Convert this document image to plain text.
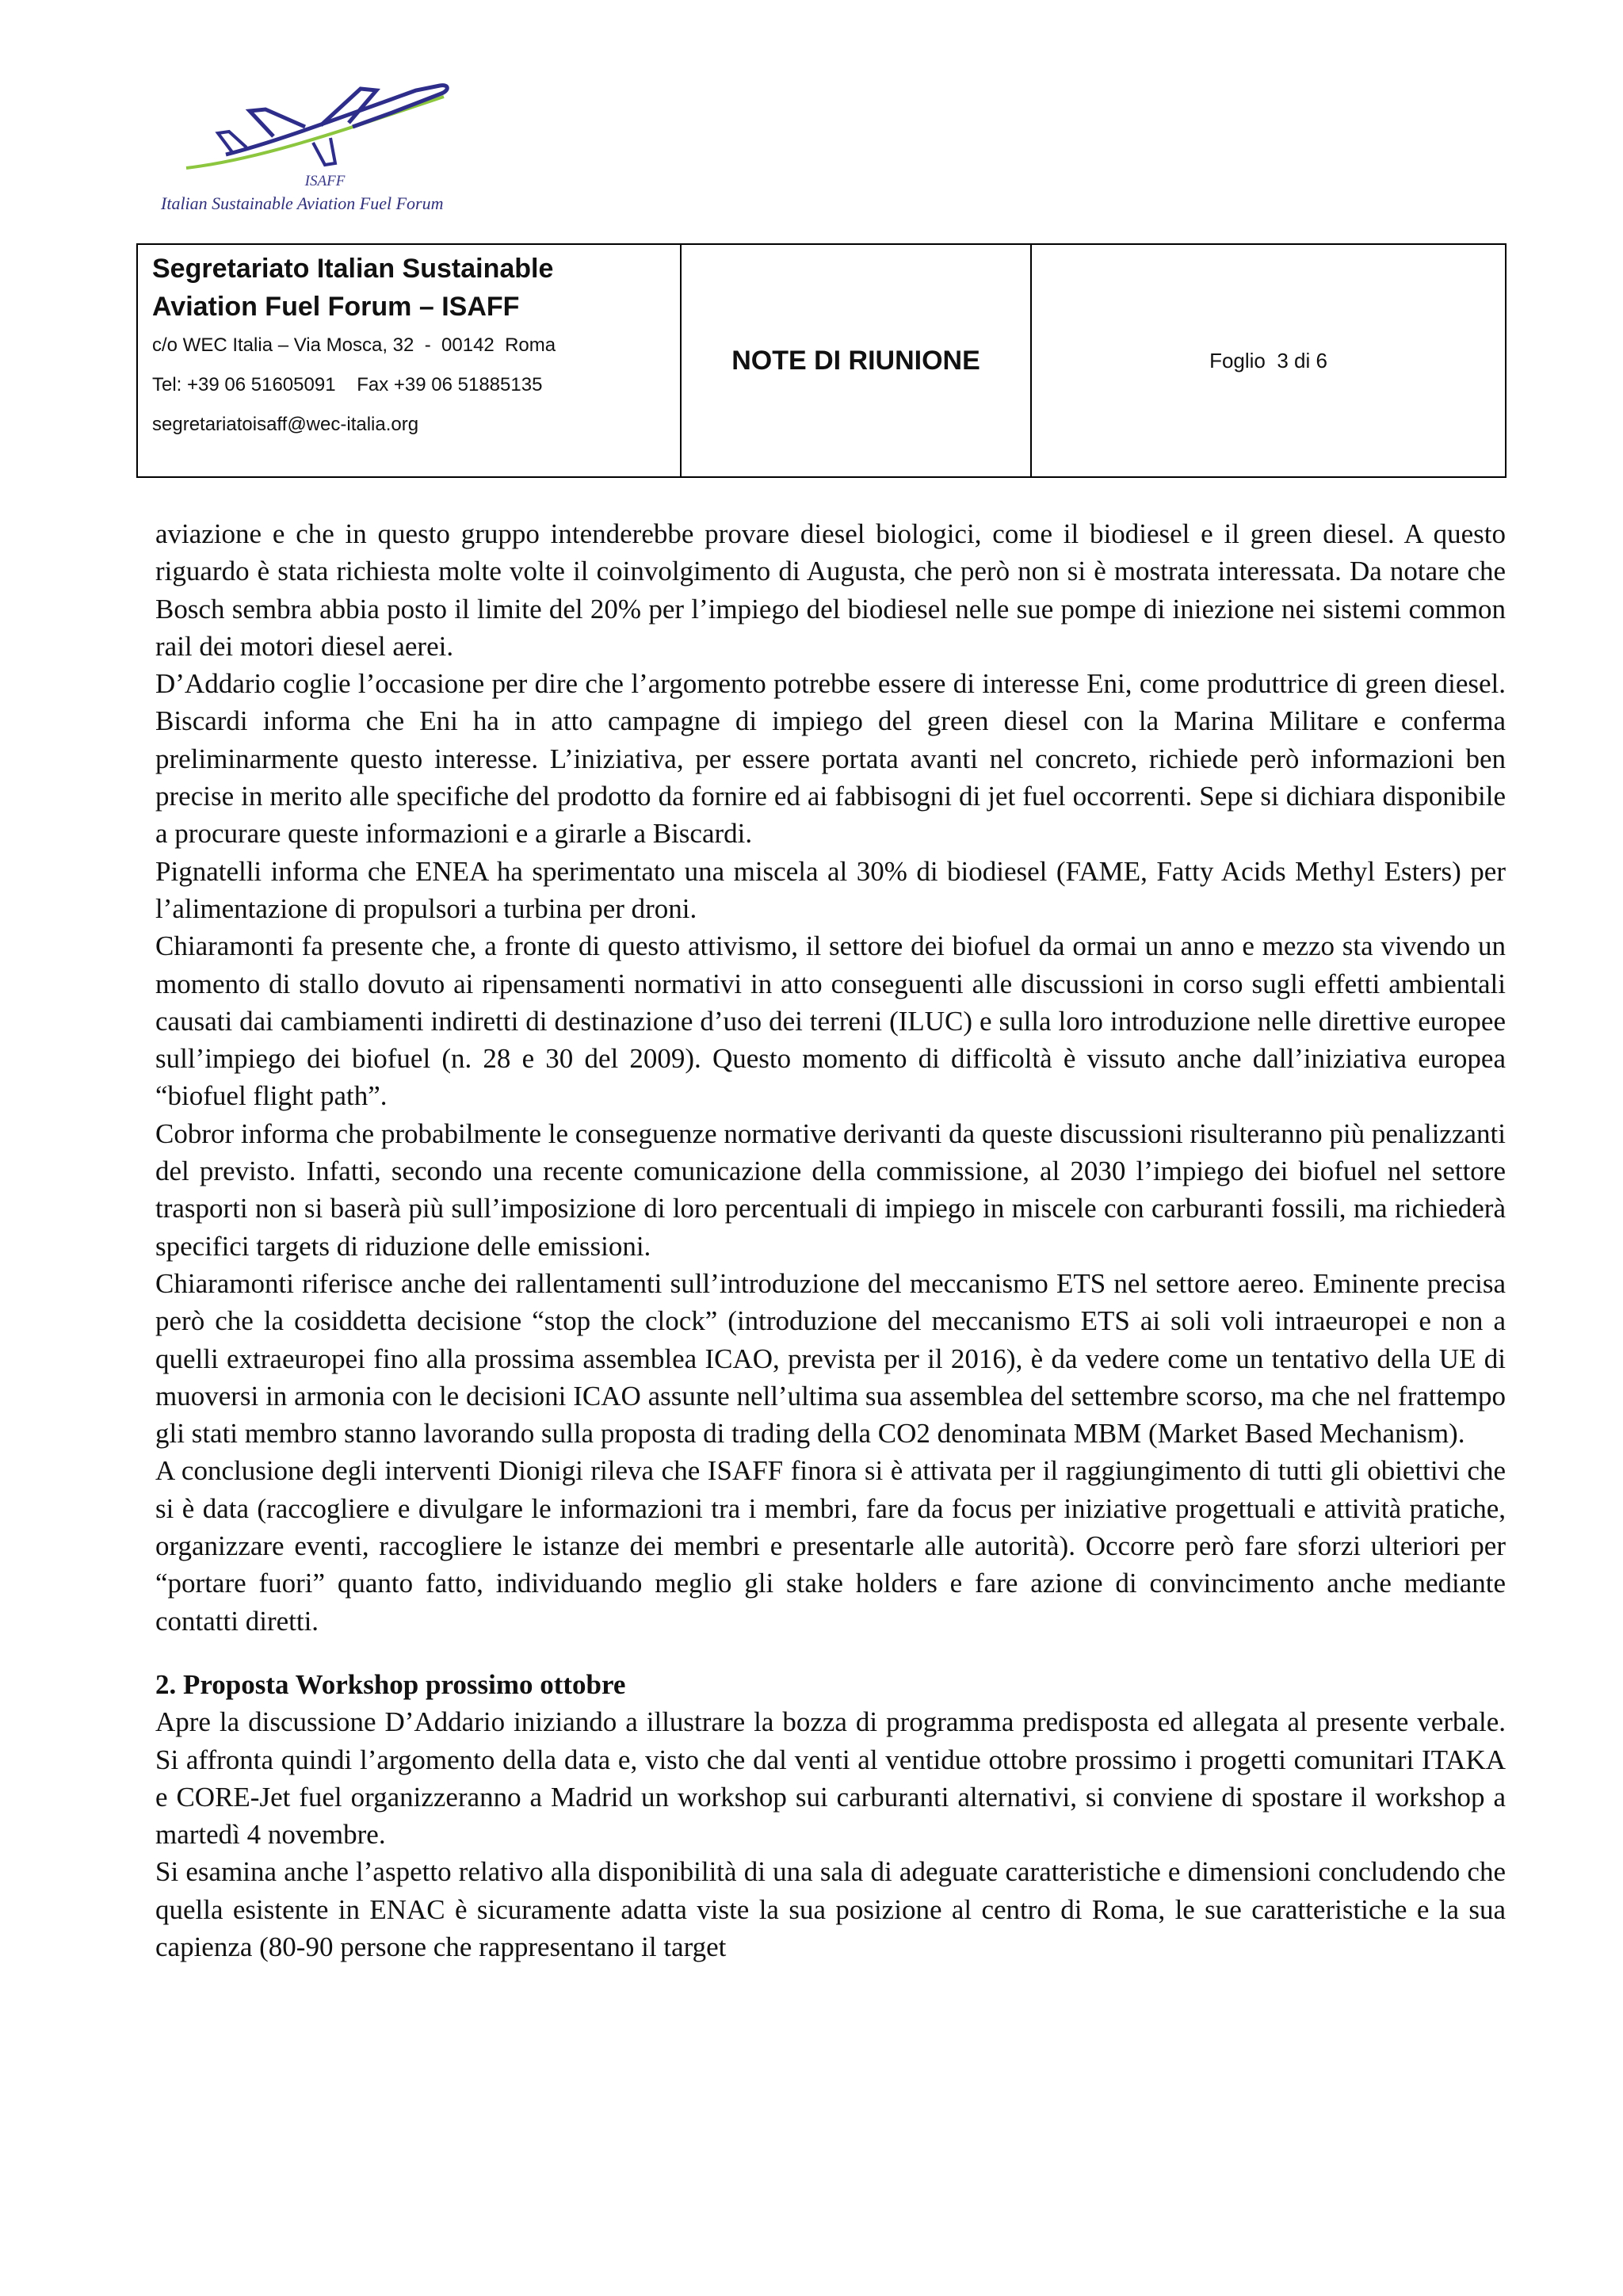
ISAFF
Italian Sustainable Aviation Fuel Forum
Segretariato Italian Sustainable
Aviation Fuel Forum – ISAFF
c/o WEC Italia – Via Mosca, 32  -  00142  Roma
Tel: +39 06 51605091    Fax +39 06 51885135
segretariatoisaff@wec-italia.org
NOTE DI RIUNIONE	Foglio  3 di 6

aviazione e che in questo gruppo intenderebbe provare diesel biologici, come il biodiesel e il green diesel. A questo riguardo è stata richiesta molte volte il coinvolgimento di Augusta, che però non si è mostrata interessata. Da notare che Bosch sembra abbia posto il limite del 20% per l’impiego del biodiesel nelle sue pompe di iniezione nei sistemi common rail dei motori diesel aerei.

D’Addario coglie l’occasione per dire che l’argomento potrebbe essere di interesse Eni, come produttrice di green diesel. Biscardi informa che Eni ha in atto campagne di impiego del green diesel con la Marina Militare e conferma preliminarmente questo interesse. L’iniziativa, per essere portata avanti nel concreto, richiede però informazioni ben precise in merito alle specifiche del prodotto da fornire ed ai fabbisogni di jet fuel occorrenti. Sepe si dichiara disponibile a procurare queste informazioni e a girarle a Biscardi.

Pignatelli informa che ENEA ha sperimentato una miscela al 30% di biodiesel (FAME, Fatty Acids Methyl Esters) per l’alimentazione di propulsori a turbina per droni.

Chiaramonti fa presente che, a fronte di questo attivismo, il settore dei biofuel da ormai un anno e mezzo sta vivendo un momento di stallo dovuto ai ripensamenti normativi in atto conseguenti alle discussioni in corso sugli effetti ambientali causati dai cambiamenti indiretti di destinazione d’uso dei terreni (ILUC) e sulla loro introduzione nelle direttive europee sull’impiego dei biofuel (n. 28 e 30 del 2009). Questo momento di difficoltà è vissuto anche dall’iniziativa europea “biofuel flight path”.

Cobror informa che probabilmente le conseguenze normative derivanti da queste discussioni risulteranno più penalizzanti del previsto. Infatti, secondo una recente comunicazione della commissione, al 2030 l’impiego dei biofuel nel settore trasporti non si baserà più sull’imposizione di loro percentuali di impiego in miscele con carburanti fossili, ma richiederà specifici targets di riduzione delle emissioni.

Chiaramonti riferisce anche dei rallentamenti sull’introduzione del meccanismo ETS nel settore aereo. Eminente precisa però che la cosiddetta decisione “stop the clock” (introduzione del meccanismo ETS ai soli voli intraeuropei e non a quelli extraeuropei fino alla prossima assemblea ICAO, prevista per il 2016), è da vedere come un tentativo della UE di muoversi in armonia con le decisioni ICAO assunte nell’ultima sua assemblea del settembre scorso, ma che nel frattempo gli stati membro stanno lavorando sulla proposta di trading della CO2 denominata MBM (Market Based Mechanism).

A conclusione degli interventi Dionigi rileva che ISAFF finora si è attivata per il raggiungimento di tutti gli obiettivi che si è data (raccogliere e divulgare le informazioni tra i membri, fare da focus per iniziative progettuali e attività pratiche, organizzare eventi, raccogliere le istanze dei membri e presentarle alle autorità). Occorre però fare sforzi ulteriori per “portare fuori” quanto fatto, individuando meglio gli stake holders e fare azione di convincimento anche mediante contatti diretti.

2. Proposta Workshop prossimo ottobre

Apre la discussione D’Addario iniziando a illustrare la bozza di programma predisposta ed allegata al presente verbale. Si affronta quindi l’argomento della data e, visto che dal venti al ventidue ottobre prossimo i progetti comunitari ITAKA e CORE-Jet fuel organizzeranno a Madrid un workshop sui carburanti alternativi, si conviene di spostare il workshop a martedì 4 novembre.

Si esamina anche l’aspetto relativo alla disponibilità di una sala di adeguate caratteristiche e dimensioni concludendo che quella esistente in ENAC è sicuramente adatta viste la sua posizione al centro di Roma, le sue caratteristiche e la sua capienza (80-90 persone che rappresentano il target
